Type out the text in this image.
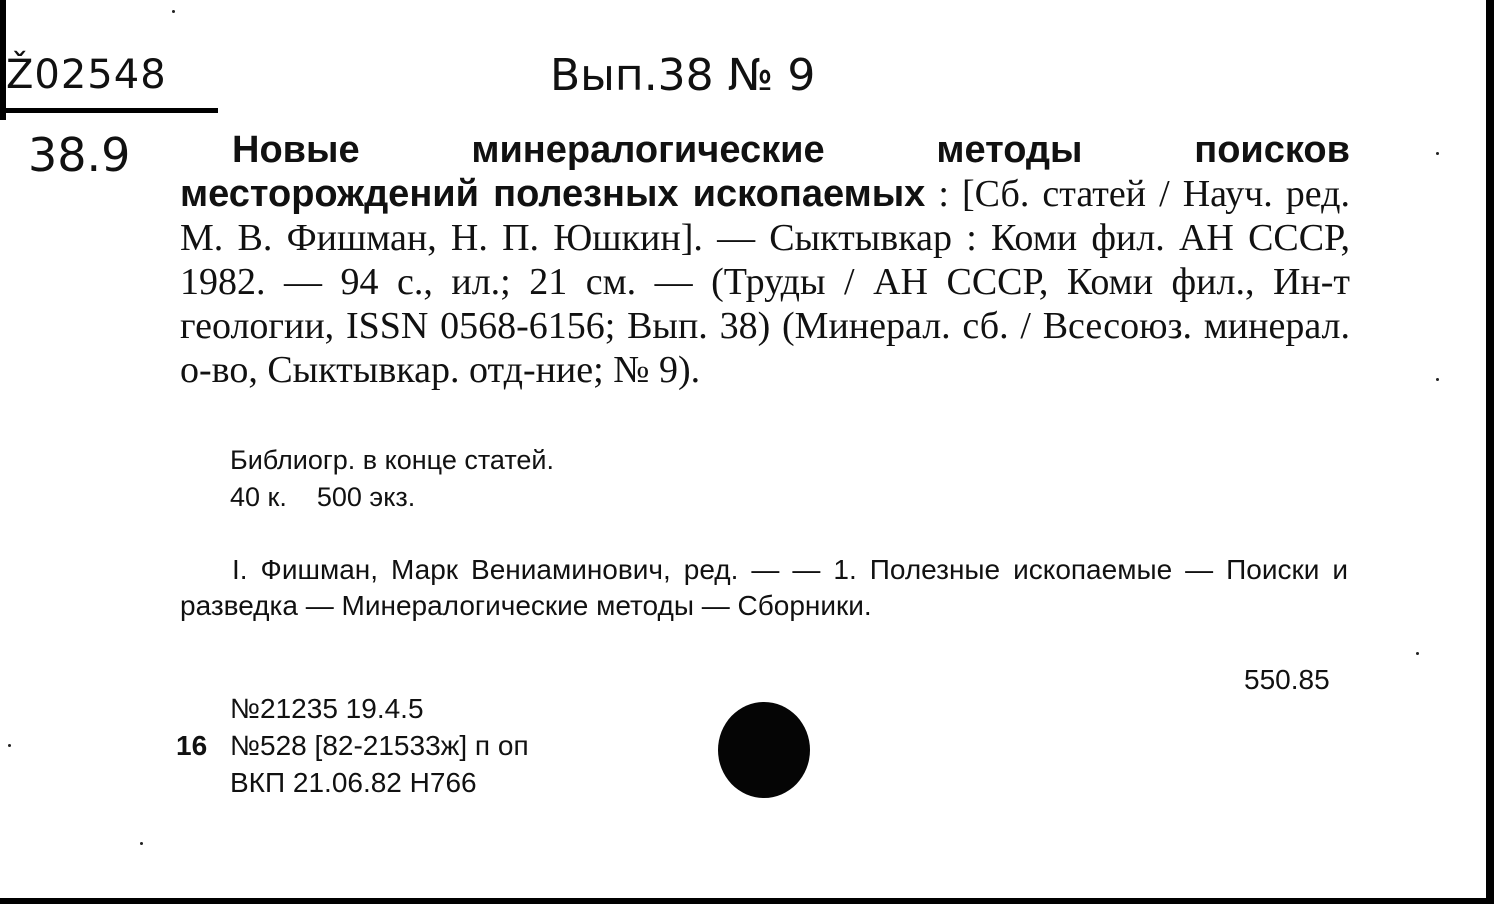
Ž02548	Вып.38 № 9
38.9	Новые минералогические методы поисков месторождений полезных ископаемых : [Сб. статей / Науч. ред. М. В. Фишман, Н. П. Юшкин]. — Сыктывкар : Коми фил. АН СССР, 1982. — 94 с., ил.; 21 см. — (Труды / АН СССР, Коми фил., Ин-т геологии, ISSN 0568-6156; Вып. 38) (Минерал. сб. / Всесоюз. минерал. о-во, Сыктывкар. отд-ние; № 9).
Библиогр. в конце статей.
40 к. 500 экз.
I. Фишман, Марк Вениаминович, ред. — — 1. Полезные ископаемые — Поиски и разведка — Минералогические методы — Сборники.
550.85
№21235 19.4.5
16 №528 [82-21533ж] п оп
ВКП 21.06.82 Н766
